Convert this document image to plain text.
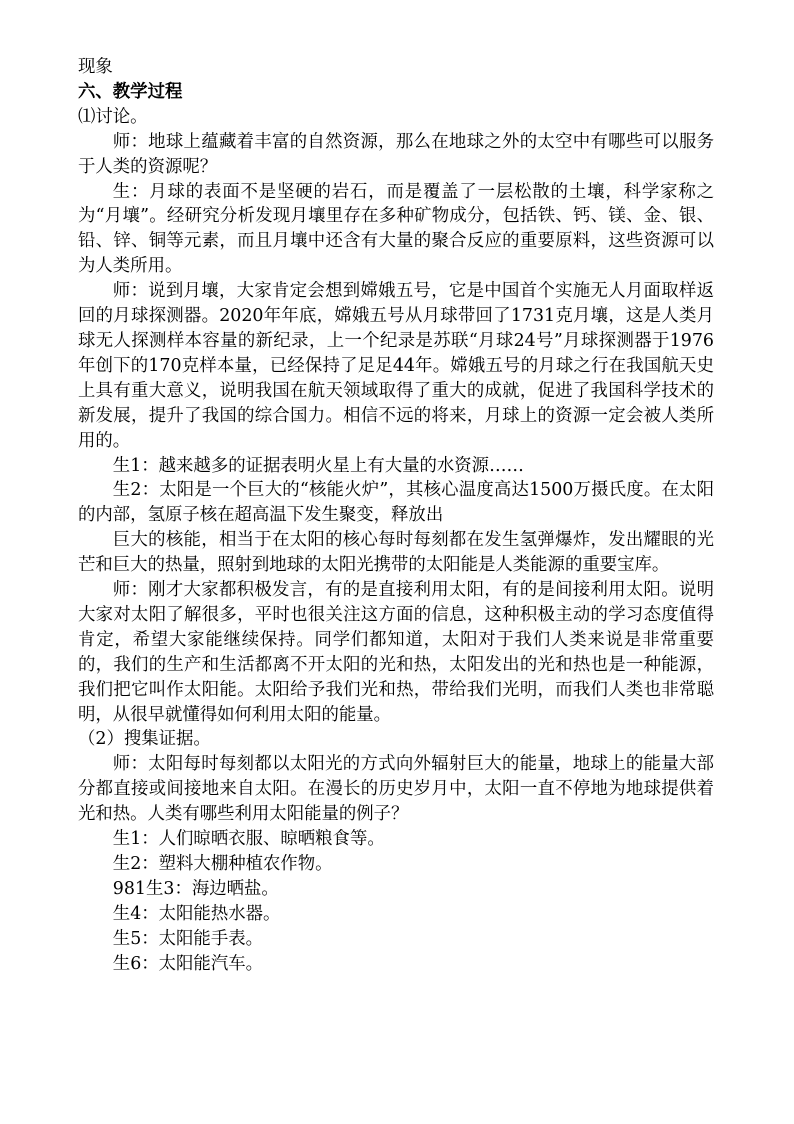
现象

六、教学过程

⑴讨论。

师：地球上蕴藏着丰富的自然资源，那么在地球之外的太空中有哪些可以服务于人类的资源呢？

生：月球的表面不是坚硬的岩石，而是覆盖了一层松散的土壤，科学家称之为“月壤”。经研究分析发现月壤里存在多种矿物成分，包括铁、钙、镁、金、银、铅、锌、铜等元素，而且月壤中还含有大量的聚合反应的重要原料，这些资源可以为人类所用。

师：说到月壤，大家肯定会想到嫦娥五号，它是中国首个实施无人月面取样返回的月球探测器。2020年年底，嫦娥五号从月球带回了1731克月壤，这是人类月球无人探测样本容量的新纪录，上一个纪录是苏联“月球24号”月球探测器于1976年创下的170克样本量，已经保持了足足44年。嫦娥五号的月球之行在我国航天史上具有重大意义，说明我国在航天领域取得了重大的成就，促进了我国科学技术的新发展，提升了我国的综合国力。相信不远的将来，月球上的资源一定会被人类所用的。

生1：越来越多的证据表明火星上有大量的水资源……

生2：太阳是一个巨大的“核能火炉”，其核心温度高达1500万摄氏度。在太阳的内部，氢原子核在超高温下发生聚变，释放出

巨大的核能，相当于在太阳的核心每时每刻都在发生氢弹爆炸，发出耀眼的光芒和巨大的热量，照射到地球的太阳光携带的太阳能是人类能源的重要宝库。

师：刚才大家都积极发言，有的是直接利用太阳，有的是间接利用太阳。说明大家对太阳了解很多，平时也很关注这方面的信息，这种积极主动的学习态度值得肯定，希望大家能继续保持。同学们都知道，太阳对于我们人类来说是非常重要的，我们的生产和生活都离不开太阳的光和热，太阳发出的光和热也是一种能源，我们把它叫作太阳能。太阳给予我们光和热，带给我们光明，而我们人类也非常聪明，从很早就懂得如何利用太阳的能量。

（2）搜集证据。

师：太阳每时每刻都以太阳光的方式向外辐射巨大的能量，地球上的能量大部分都直接或间接地来自太阳。在漫长的历史岁月中，太阳一直不停地为地球提供着光和热。人类有哪些利用太阳能量的例子？

生1：人们晾晒衣服、晾晒粮食等。

生2：塑料大棚种植农作物。

981生3：海边晒盐。

生4：太阳能热水器。

生5：太阳能手表。

生6：太阳能汽车。
